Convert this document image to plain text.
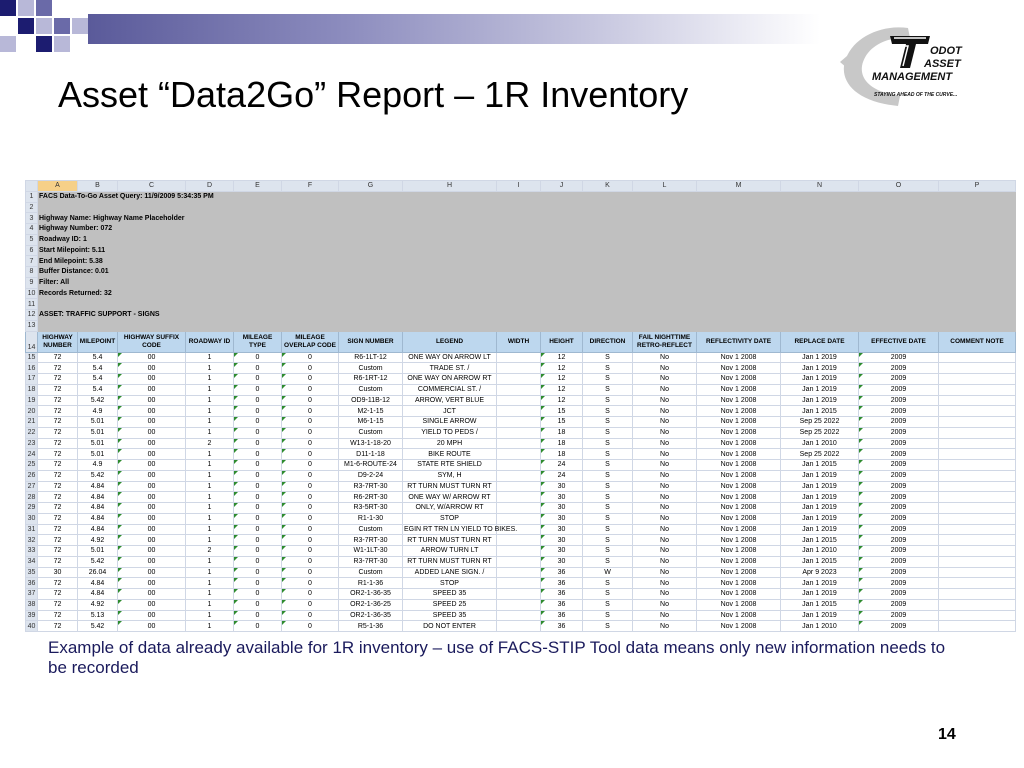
Asset “Data2Go” Report – 1R Inventory
ODOT
ASSET
MANAGEMENT
STAYING AHEAD OF THE CURVE...
	A	B	C	D	E	F	G	H	I	J	K	L	M	N	O	P
1	FACS Data-To-Go Asset Query: 11/9/2009 5:34:35 PM															
2																
3	Highway Name: Highway Name Placeholder															
4	Highway Number: 072															
5	Roadway ID: 1															
6	Start Milepoint: 5.11															
7	End Milepoint: 5.38															
8	Buffer Distance: 0.01															
9	Filter: All															
10	Records Returned: 32															
11																
12	ASSET: TRAFFIC SUPPORT - SIGNS															
13																
14	HIGHWAY NUMBER	MILEPOINT	HIGHWAY SUFFIX CODE	ROADWAY ID	MILEAGE TYPE	MILEAGE OVERLAP CODE	SIGN NUMBER	LEGEND	WIDTH	HEIGHT	DIRECTION	FAIL NIGHTTIME RETRO-REFLECT	REFLECTIVITY DATE	REPLACE DATE	EFFECTIVE DATE	COMMENT NOTE
15	72	5.4	00	1	0	0	R6-1LT-12	ONE WAY ON ARROW LT		12	S	No	Nov 1 2008	Jan 1 2019	2009	
16	72	5.4	00	1	0	0	Custom	TRADE ST. /		12	S	No	Nov 1 2008	Jan 1 2019	2009	
17	72	5.4	00	1	0	0	R6-1RT-12	ONE WAY ON ARROW RT		12	S	No	Nov 1 2008	Jan 1 2019	2009	
18	72	5.4	00	1	0	0	Custom	COMMERCIAL ST. /		12	S	No	Nov 1 2008	Jan 1 2019	2009	
19	72	5.42	00	1	0	0	OD9-11B-12	ARROW, VERT BLUE		12	S	No	Nov 1 2008	Jan 1 2019	2009	
20	72	4.9	00	1	0	0	M2-1-15	JCT		15	S	No	Nov 1 2008	Jan 1 2015	2009	
21	72	5.01	00	1	0	0	M6-1-15	SINGLE ARROW		15	S	No	Nov 1 2008	Sep 25 2022	2009	
22	72	5.01	00	1	0	0	Custom	YIELD TO PEDS /		18	S	No	Nov 1 2008	Sep 25 2022	2009	
23	72	5.01	00	2	0	0	W13-1-18-20	20 MPH		18	S	No	Nov 1 2008	Jan 1 2010	2009	
24	72	5.01	00	1	0	0	D11-1-18	BIKE ROUTE		18	S	No	Nov 1 2008	Sep 25 2022	2009	
25	72	4.9	00	1	0	0	M1-6-ROUTE-24	STATE RTE SHIELD		24	S	No	Nov 1 2008	Jan 1 2015	2009	
26	72	5.42	00	1	0	0	D9-2-24	SYM, H		24	S	No	Nov 1 2008	Jan 1 2019	2009	
27	72	4.84	00	1	0	0	R3-7RT-30	RT TURN MUST TURN RT		30	S	No	Nov 1 2008	Jan 1 2019	2009	
28	72	4.84	00	1	0	0	R6-2RT-30	ONE WAY W/ ARROW RT		30	S	No	Nov 1 2008	Jan 1 2019	2009	
29	72	4.84	00	1	0	0	R3-5RT-30	ONLY, W/ARROW RT		30	S	No	Nov 1 2008	Jan 1 2019	2009	
30	72	4.84	00	1	0	0	R1-1-30	STOP		30	S	No	Nov 1 2008	Jan 1 2019	2009	
31	72	4.84	00	1	0	0	Custom	EGIN RT TRN LN YIELD TO BIKES.		30	S	No	Nov 1 2008	Jan 1 2019	2009	
32	72	4.92	00	1	0	0	R3-7RT-30	RT TURN MUST TURN RT		30	S	No	Nov 1 2008	Jan 1 2015	2009	
33	72	5.01	00	2	0	0	W1-1LT-30	ARROW TURN LT		30	S	No	Nov 1 2008	Jan 1 2010	2009	
34	72	5.42	00	1	0	0	R3-7RT-30	RT TURN MUST TURN RT		30	S	No	Nov 1 2008	Jan 1 2015	2009	
35	30	26.04	00	1	0	0	Custom	ADDED LANE SIGN. /		36	W	No	Nov 1 2008	Apr 9 2023	2009	
36	72	4.84	00	1	0	0	R1-1-36	STOP		36	S	No	Nov 1 2008	Jan 1 2019	2009	
37	72	4.84	00	1	0	0	OR2-1-36-35	SPEED 35		36	S	No	Nov 1 2008	Jan 1 2019	2009	
38	72	4.92	00	1	0	0	OR2-1-36-25	SPEED 25		36	S	No	Nov 1 2008	Jan 1 2015	2009	
39	72	5.13	00	1	0	0	OR2-1-36-35	SPEED 35		36	S	No	Nov 1 2008	Jan 1 2019	2009	
40	72	5.42	00	1	0	0	R5-1-36	DO NOT ENTER		36	S	No	Nov 1 2008	Jan 1 2010	2009	
Example of data already available for 1R inventory – use of FACS-STIP Tool data means only new information needs to be recorded
14
